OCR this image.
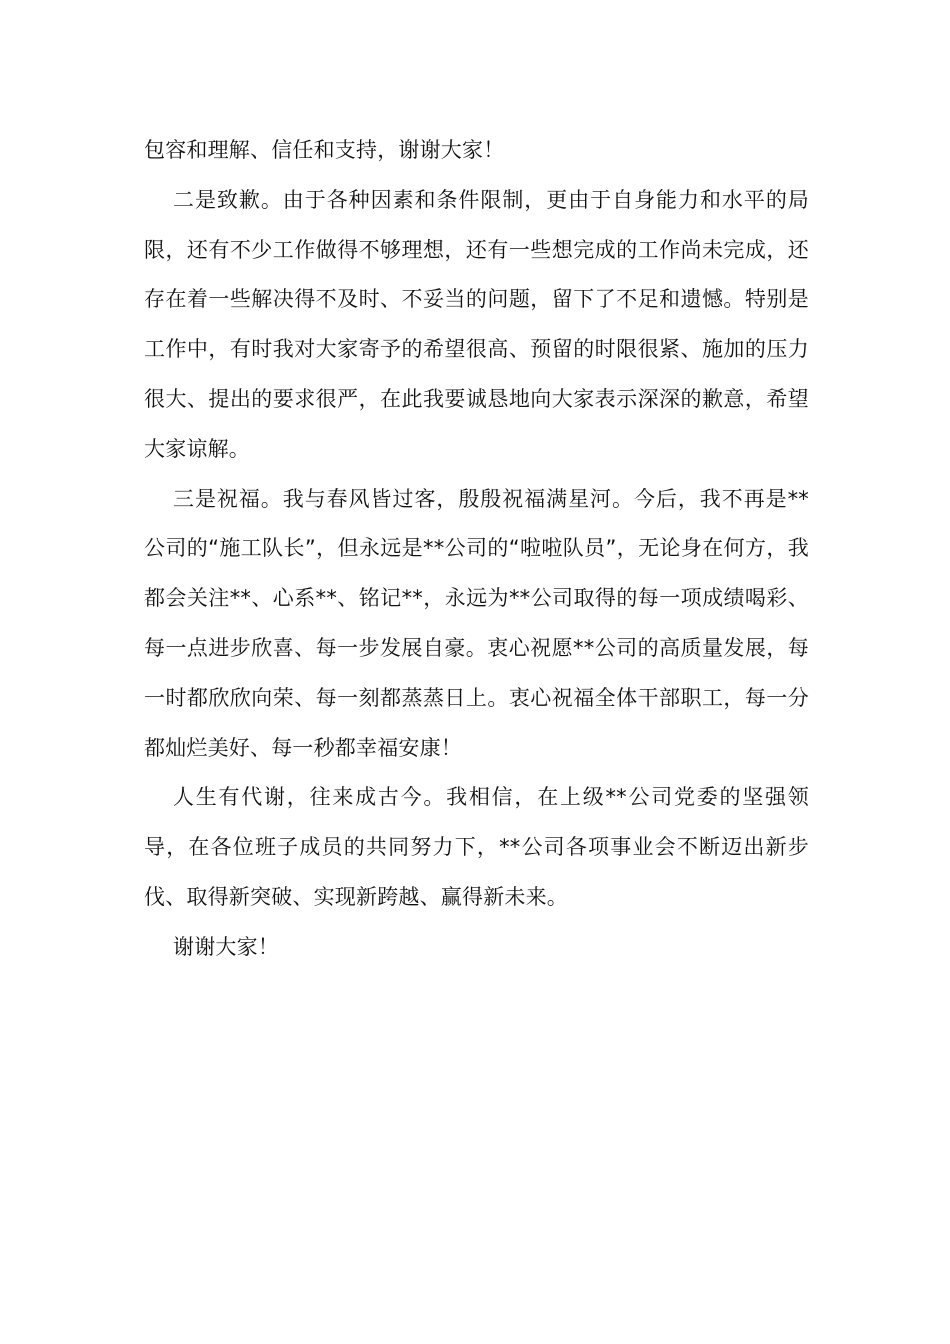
包容和理解、信任和支持，谢谢大家！

二是致歉。由于各种因素和条件限制，更由于自身能力和水平的局限，还有不少工作做得不够理想，还有一些想完成的工作尚未完成，还存在着一些解决得不及时、不妥当的问题，留下了不足和遗憾。特别是工作中，有时我对大家寄予的希望很高、预留的时限很紧、施加的压力很大、提出的要求很严，在此我要诚恳地向大家表示深深的歉意，希望大家谅解。

三是祝福。我与春风皆过客，殷殷祝福满星河。今后，我不再是**公司的“施工队长”，但永远是**公司的“啦啦队员”，无论身在何方，我都会关注**、心系**、铭记**，永远为**公司取得的每一项成绩喝彩、每一点进步欣喜、每一步发展自豪。衷心祝愿**公司的高质量发展，每一时都欣欣向荣、每一刻都蒸蒸日上。衷心祝福全体干部职工，每一分都灿烂美好、每一秒都幸福安康！

人生有代谢，往来成古今。我相信，在上级**公司党委的坚强领导，在各位班子成员的共同努力下，**公司各项事业会不断迈出新步伐、取得新突破、实现新跨越、赢得新未来。

谢谢大家！
